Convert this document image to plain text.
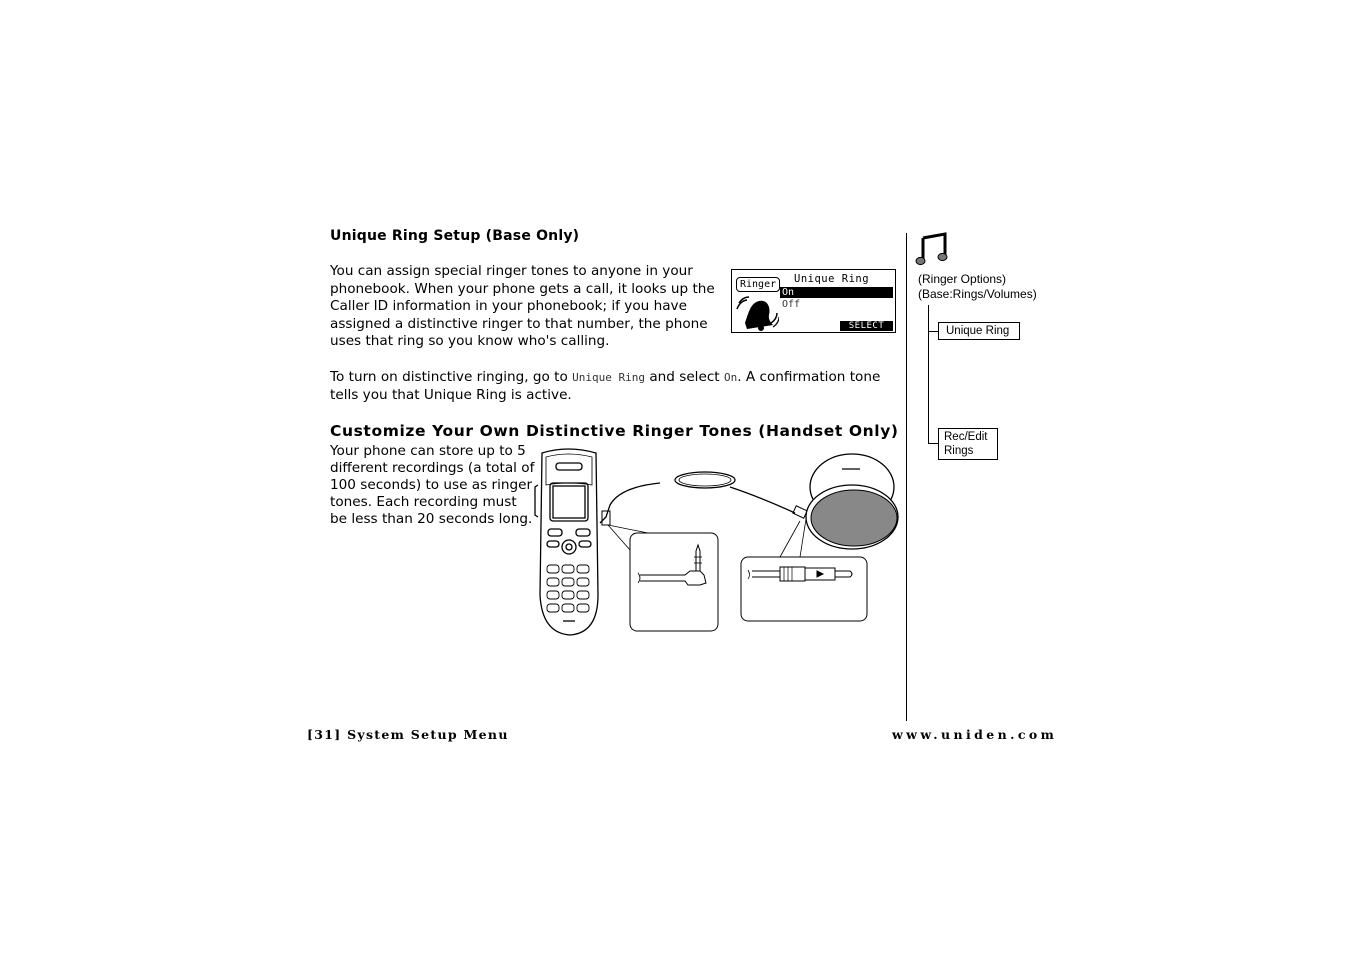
Unique Ring Setup (Base Only)
You can assign special ringer tones to anyone in your phonebook. When your phone gets a call, it looks up the Caller ID information in your phonebook; if you have assigned a distinctive ringer to that number, the phone uses that ring so you know who's calling.
To turn on distinctive ringing, go to Unique Ring and select On. A confirmation tone tells you that Unique Ring is active.
Ringer	Unique Ring
On
Off
SELECT
Customize Your Own Distinctive Ringer Tones (Handset Only)
Your phone can store up to 5 different recordings (a total of 100 seconds) to use as ringer tones. Each recording must be less than 20 seconds long.
(Ringer Options)
(Base:Rings/Volumes)
Unique Ring
Rec/Edit
Rings
[31] System Setup Menu	www.uniden.com
